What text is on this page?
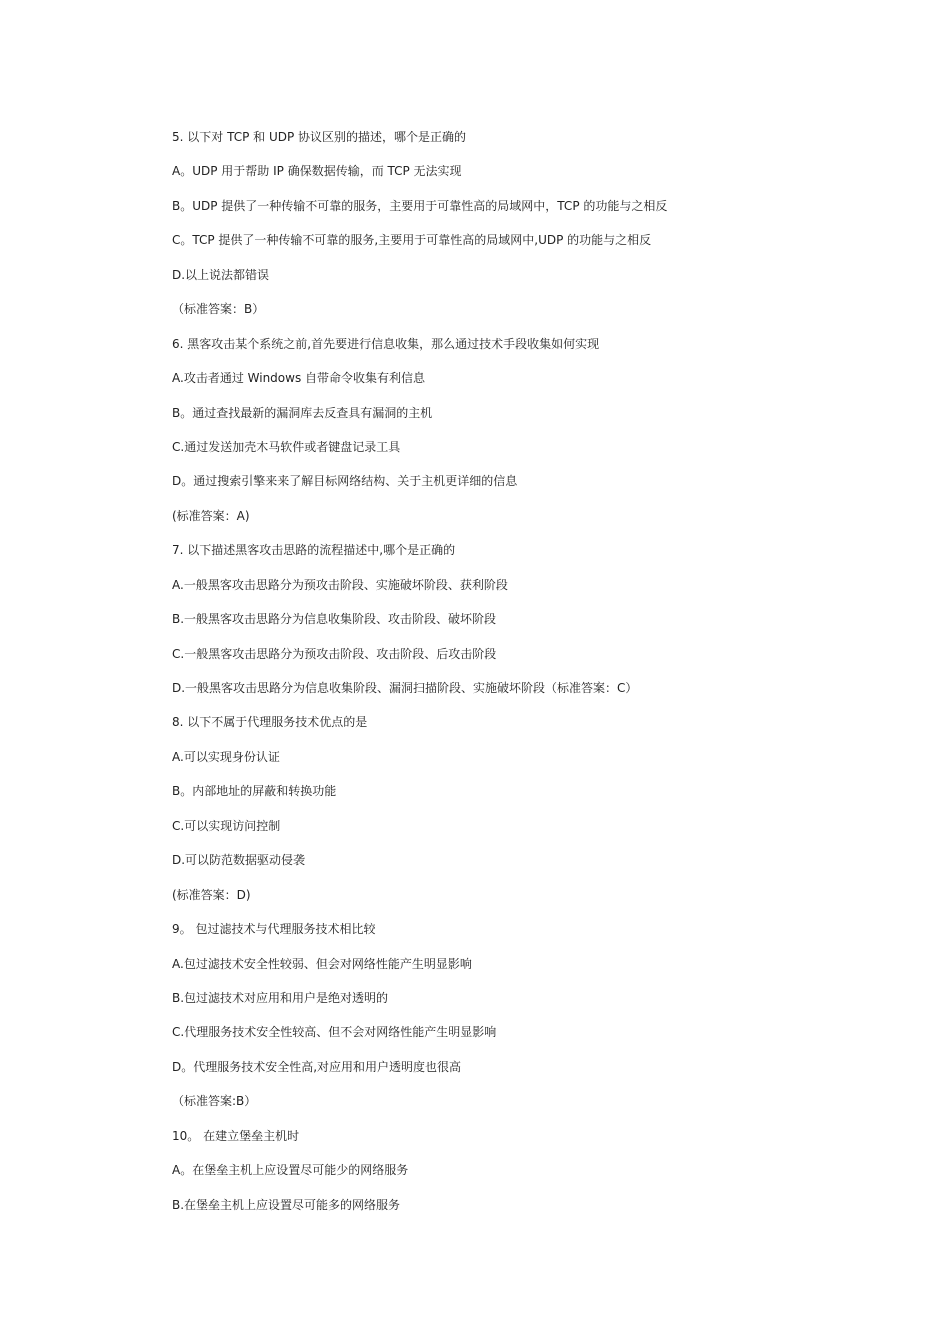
5. 以下对 TCP 和 UDP 协议区别的描述，哪个是正确的

A。UDP 用于帮助 IP 确保数据传输，而 TCP 无法实现

B。UDP 提供了一种传输不可靠的服务，主要用于可靠性高的局域网中，TCP 的功能与之相反

C。TCP 提供了一种传输不可靠的服务,主要用于可靠性高的局域网中,UDP 的功能与之相反

D.以上说法都错误

（标准答案：B）

6. 黑客攻击某个系统之前,首先要进行信息收集，那么通过技术手段收集如何实现

A.攻击者通过 Windows 自带命令收集有利信息

B。通过查找最新的漏洞库去反查具有漏洞的主机

C.通过发送加壳木马软件或者键盘记录工具

D。通过搜索引擎来来了解目标网络结构、关于主机更详细的信息

(标准答案：A)

7. 以下描述黑客攻击思路的流程描述中,哪个是正确的

A.一般黑客攻击思路分为预攻击阶段、实施破坏阶段、获利阶段

B.一般黑客攻击思路分为信息收集阶段、攻击阶段、破坏阶段

C.一般黑客攻击思路分为预攻击阶段、攻击阶段、后攻击阶段

D.一般黑客攻击思路分为信息收集阶段、漏洞扫描阶段、实施破坏阶段（标准答案：C）

8. 以下不属于代理服务技术优点的是

A.可以实现身份认证

B。内部地址的屏蔽和转换功能

C.可以实现访问控制

D.可以防范数据驱动侵袭

(标准答案：D)

9。 包过滤技术与代理服务技术相比较

A.包过滤技术安全性较弱、但会对网络性能产生明显影响

B.包过滤技术对应用和用户是绝对透明的

C.代理服务技术安全性较高、但不会对网络性能产生明显影响

D。代理服务技术安全性高,对应用和用户透明度也很高

（标准答案:B）

10。 在建立堡垒主机时

A。在堡垒主机上应设置尽可能少的网络服务

B.在堡垒主机上应设置尽可能多的网络服务
